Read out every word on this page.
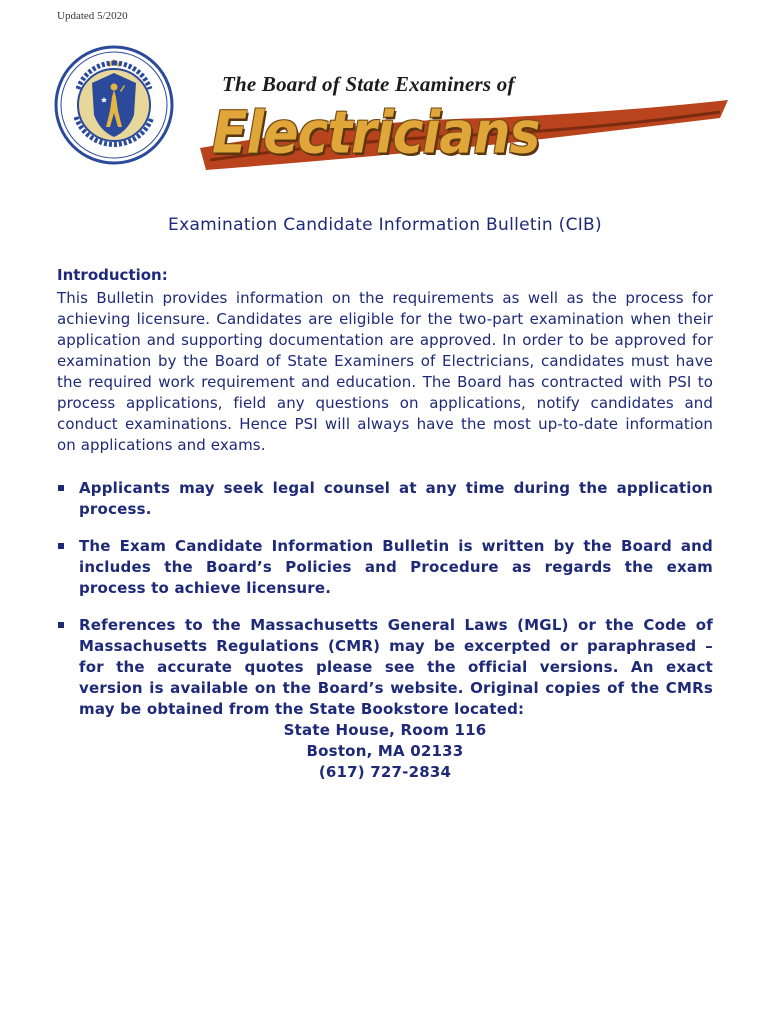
Updated 5/2020
The Board of State Examiners of
Electricians
Examination Candidate Information Bulletin (CIB)
Introduction:
This Bulletin provides information on the requirements as well as the process for achieving licensure. Candidates are eligible for the two-part examination when their application and supporting documentation are approved. In order to be approved for examination by the Board of State Examiners of Electricians, candidates must have the required work requirement and education. The Board has contracted with PSI to process applications, field any questions on applications, notify candidates and conduct examinations. Hence PSI will always have the most up-to-date information on applications and exams.
Applicants may seek legal counsel at any time during the application process.
The Exam Candidate Information Bulletin is written by the Board and includes the Board’s Policies and Procedure as regards the exam process to achieve licensure.
References to the Massachusetts General Laws (MGL) or the Code of Massachusetts Regulations (CMR) may be excerpted or paraphrased – for the accurate quotes please see the official versions. An exact version is available on the Board’s website. Original copies of the CMRs may be obtained from the State Bookstore located:
State House, Room 116
Boston, MA 02133
(617) 727-2834
